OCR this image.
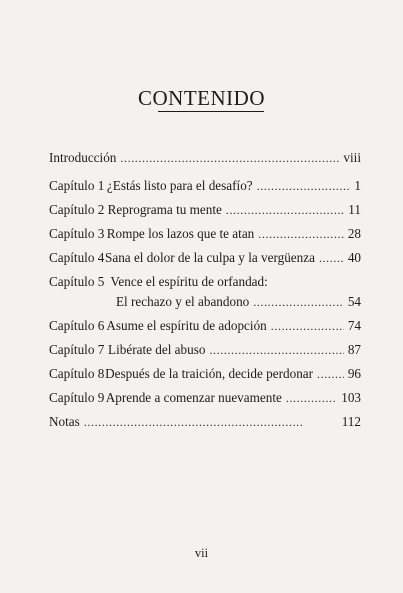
CONTENIDO
Introducción . . .	viii
Capítulo 1 ¿Estás listo para el desafío? . . .	1
Capítulo 2 Reprograma tu mente . . .	11
Capítulo 3 Rompe los lazos que te atan . . .	28
Capítulo 4 Sana el dolor de la culpa y la vergüenza . . . 40
Capítulo 5 Vence el espíritu de orfandad:
El rechazo y el abandono . . .	54
Capítulo 6 Asume el espíritu de adopción . . .	74
Capítulo 7 Libérate del abuso . . .	87
Capítulo 8 Después de la traición, decide perdonar . . .	96
Capítulo 9 Aprende a comenzar nuevamente . . .	103
Notas . . .	112
vii
